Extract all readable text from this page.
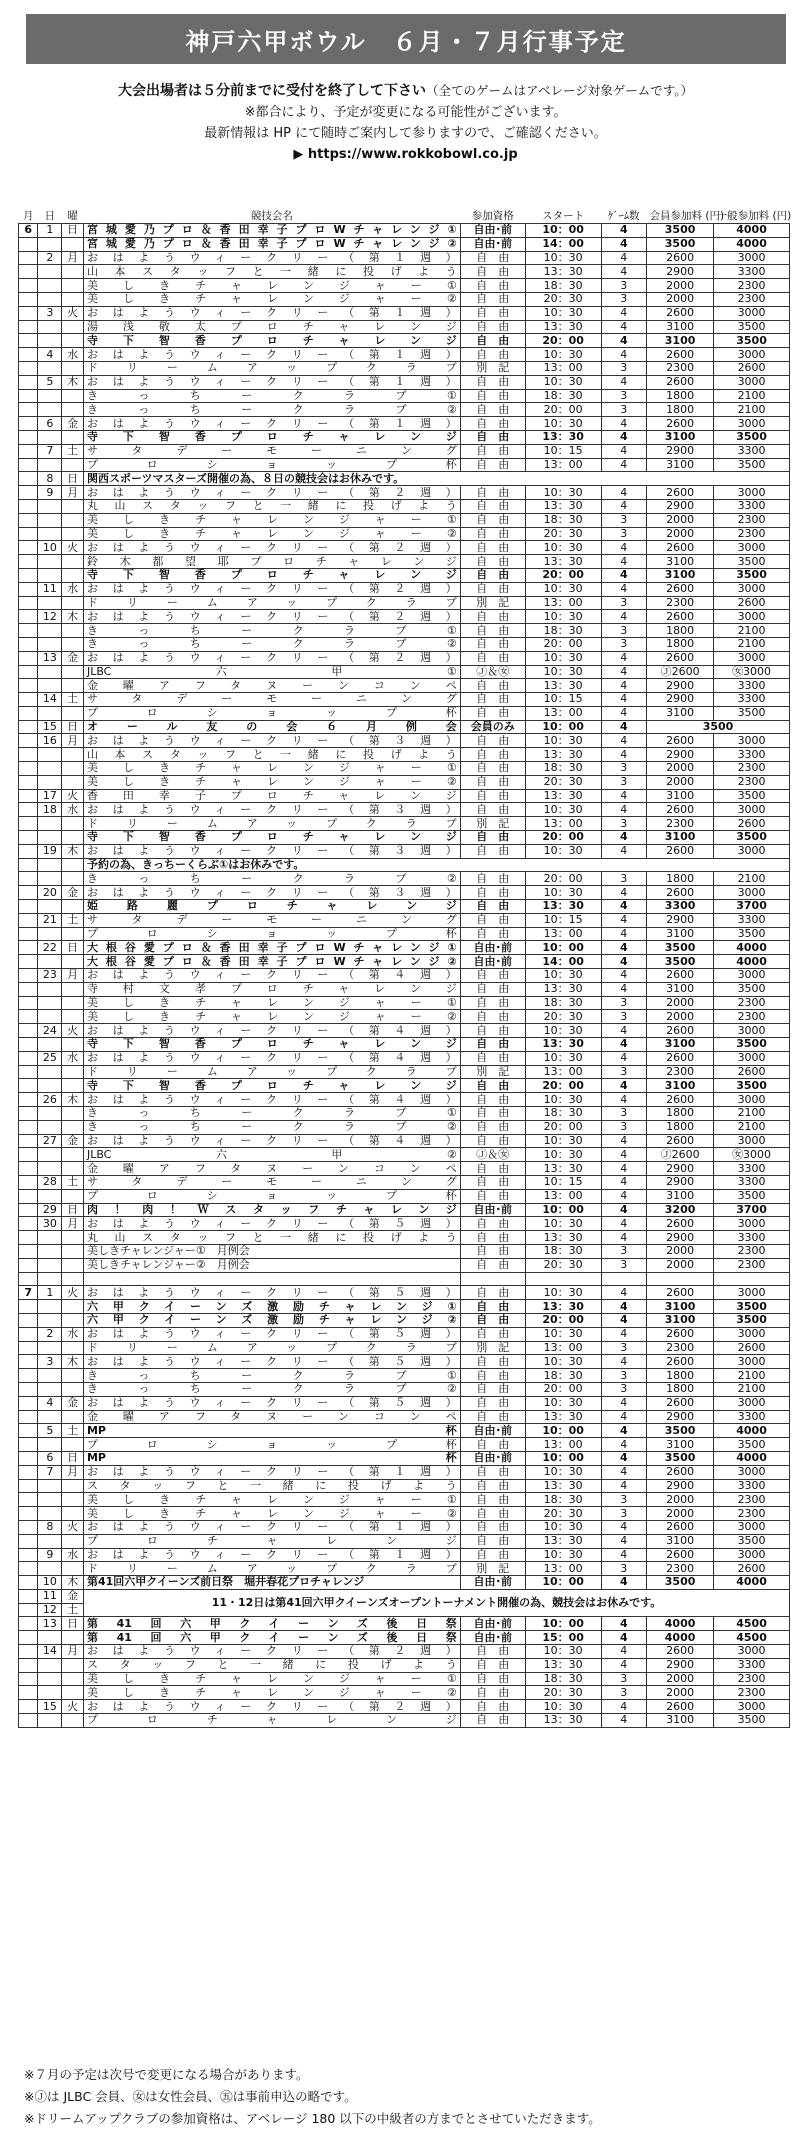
神戸六甲ボウル　６月・７月行事予定
大会出場者は５分前までに受付を終了して下さい（全てのゲームはアベレージ対象ゲームです。）
※都合により、予定が変更になる可能性がございます。
最新情報は HP にて随時ご案内して参りますので、ご確認ください。
▶ https://www.rokkobowl.co.jp
月	日	曜	競技会名	参加資格	スタート	ｹﾞｰﾑ数	会員参加料 (円)	一般参加料 (円)
6	1	日	宮城愛乃プロ＆香田幸子プロWチャレンジ①	自由･前	10：00	4	3500	4000
			宮城愛乃プロ＆香田幸子プロWチャレンジ②	自由･前	14：00	4	3500	4000
	2	月	おはようウィークリー（第１週）	自　由	10：30	4	2600	3000
			山本スタッフと一緒に投げよう	自　由	13：30	4	2900	3300
			美しきチャレンジャー①	自　由	18：30	3	2000	2300
			美しきチャレンジャー②	自　由	20：30	3	2000	2300
	3	火	おはようウィークリー（第１週）	自　由	10：30	4	2600	3000
			湯浅敬太プロチャレンジ	自　由	13：30	4	3100	3500
			寺下智香プロチャレンジ	自　由	20：00	4	3100	3500
	4	水	おはようウィークリー（第１週）	自　由	10：30	4	2600	3000
			ドリームアップクラブ	別　記	13：00	3	2300	2600
	5	木	おはようウィークリー（第１週）	自　由	10：30	4	2600	3000
			きっちークラブ①	自　由	18：30	3	1800	2100
			きっちークラブ②	自　由	20：00	3	1800	2100
	6	金	おはようウィークリー（第１週）	自　由	10：30	4	2600	3000
			寺下智香プロチャレンジ	自　由	13：30	4	3100	3500
	7	土	サタデーモーニング	自　由	10：15	4	2900	3300
			プロショップ杯	自　由	13：00	4	3100	3500
	8	日	関西スポーツマスターズ開催の為、８日の競技会はお休みです。					
	9	月	おはようウィークリー（第２週）	自　由	10：30	4	2600	3000
			丸山スタッフと一緒に投げよう	自　由	13：30	4	2900	3300
			美しきチャレンジャー①	自　由	18：30	3	2000	2300
			美しきチャレンジャー②	自　由	20：30	3	2000	2300
	10	火	おはようウィークリー（第２週）	自　由	10：30	4	2600	3000
			鈴木都望耶プロチャレンジ	自　由	13：30	4	3100	3500
			寺下智香プロチャレンジ	自　由	20：00	4	3100	3500
	11	水	おはようウィークリー（第２週）	自　由	10：30	4	2600	3000
			ドリームアップクラブ	別　記	13：00	3	2300	2600
	12	木	おはようウィークリー（第２週）	自　由	10：30	4	2600	3000
			きっちークラブ①	自　由	18：30	3	1800	2100
			きっちークラブ②	自　由	20：00	3	1800	2100
	13	金	おはようウィークリー（第２週）	自　由	10：30	4	2600	3000
			JLBC六甲①	Ⓙ＆㊛	10：30	4	Ⓙ2600	㊛3000
			金曜アフタヌーンコンペ	自　由	13：30	4	2900	3300
	14	土	サタデーモーニング	自　由	10：15	4	2900	3300
			プロショップ杯	自　由	13：00	4	3100	3500
	15	日	オール友の会６月例会	会員のみ	10：00	4	3500	
	16	月	おはようウィークリー（第３週）	自　由	10：30	4	2600	3000
			山本スタッフと一緒に投げよう	自　由	13：30	4	2900	3300
			美しきチャレンジャー①	自　由	18：30	3	2000	2300
			美しきチャレンジャー②	自　由	20：30	3	2000	2300
	17	火	香田幸子プロチャレンジ	自　由	13：30	4	3100	3500
	18	水	おはようウィークリー（第３週）	自　由	10：30	4	2600	3000
			ドリームアップクラブ	別　記	13：00	3	2300	2600
			寺下智香プロチャレンジ	自　由	20：00	4	3100	3500
	19	木	おはようウィークリー（第３週）	自　由	10：30	4	2600	3000
			予約の為、きっちーくらぶ①はお休みです。					
			きっちークラブ②	自　由	20：00	3	1800	2100
	20	金	おはようウィークリー（第３週）	自　由	10：30	4	2600	3000
			姫路麗プロチャレンジ	自　由	13：30	4	3300	3700
	21	土	サタデーモーニング	自　由	10：15	4	2900	3300
			プロショップ杯	自　由	13：00	4	3100	3500
	22	日	大根谷愛プロ＆香田幸子プロWチャレンジ①	自由･前	10：00	4	3500	4000
			大根谷愛プロ＆香田幸子プロWチャレンジ②	自由･前	14：00	4	3500	4000
	23	月	おはようウィークリー（第４週）	自　由	10：30	4	2600	3000
			寺村文孝プロチャレンジ	自　由	13：30	4	3100	3500
			美しきチャレンジャー①	自　由	18：30	3	2000	2300
			美しきチャレンジャー②	自　由	20：30	3	2000	2300
	24	火	おはようウィークリー（第４週）	自　由	10：30	4	2600	3000
			寺下智香プロチャレンジ	自　由	13：30	4	3100	3500
	25	水	おはようウィークリー（第４週）	自　由	10：30	4	2600	3000
			ドリームアップクラブ	別　記	13：00	3	2300	2600
			寺下智香プロチャレンジ	自　由	20：00	4	3100	3500
	26	木	おはようウィークリー（第４週）	自　由	10：30	4	2600	3000
			きっちークラブ①	自　由	18：30	3	1800	2100
			きっちークラブ②	自　由	20：00	3	1800	2100
	27	金	おはようウィークリー（第４週）	自　由	10：30	4	2600	3000
			JLBC六甲②	Ⓙ＆㊛	10：30	4	Ⓙ2600	㊛3000
			金曜アフタヌーンコンペ	自　由	13：30	4	2900	3300
	28	土	サタデーモーニング	自　由	10：15	4	2900	3300
			プロショップ杯	自　由	13：00	4	3100	3500
	29	日	肉！肉！Ｗスタッフチャレンジ	自由･前	10：00	4	3200	3700
	30	月	おはようウィークリー（第５週）	自　由	10：30	4	2600	3000
			丸山スタッフと一緒に投げよう	自　由	13：30	4	2900	3300
			美しきチャレンジャー①　月例会	自　由	18：30	3	2000	2300
			美しきチャレンジャー②　月例会	自　由	20：30	3	2000	2300

7	1	火	おはようウィークリー（第５週）	自　由	10：30	4	2600	3000
			六甲クイーンズ激励チャレンジ①	自　由	13：30	4	3100	3500
			六甲クイーンズ激励チャレンジ②	自　由	20：00	4	3100	3500
	2	水	おはようウィークリー（第５週）	自　由	10：30	4	2600	3000
			ドリームアップクラブ	別　記	13：00	3	2300	2600
	3	木	おはようウィークリー（第５週）	自　由	10：30	4	2600	3000
			きっちークラブ①	自　由	18：30	3	1800	2100
			きっちークラブ②	自　由	20：00	3	1800	2100
	4	金	おはようウィークリー（第５週）	自　由	10：30	4	2600	3000
			金曜アフタヌーンコンペ	自　由	13：30	4	2900	3300
	5	土	MP杯	自由･前	10：00	4	3500	4000
			プロショップ杯	自　由	13：00	4	3100	3500
	6	日	MP杯	自由･前	10：00	4	3500	4000
	7	月	おはようウィークリー（第１週）	自　由	10：30	4	2600	3000
			スタッフと一緒に投げよう	自　由	13：30	4	2900	3300
			美しきチャレンジャー①	自　由	18：30	3	2000	2300
			美しきチャレンジャー②	自　由	20：30	3	2000	2300
	8	火	おはようウィークリー（第１週）	自　由	10：30	4	2600	3000
			プロチャレンジ	自　由	13：30	4	3100	3500
	9	水	おはようウィークリー（第１週）	自　由	10：30	4	2600	3000
			ドリームアップクラブ	別　記	13：00	3	2300	2600
	10	木	第41回六甲クイーンズ前日祭　堀井春花プロチャレンジ	自由･前	10：00	4	3500	4000
	11	金	11・12日は第41回六甲クイーンズオープントーナメント開催の為、競技会はお休みです。					
	12	土						
	13	日	第41回六甲クイーンズ後日祭	自由･前	10：00	4	4000	4500
			第41回六甲クイーンズ後日祭	自由･前	15：00	4	4000	4500
	14	月	おはようウィークリー（第２週）	自　由	10：30	4	2600	3000
			スタッフと一緒に投げよう	自　由	13：30	4	2900	3300
			美しきチャレンジャー①	自　由	18：30	3	2000	2300
			美しきチャレンジャー②	自　由	20：30	3	2000	2300
	15	火	おはようウィークリー（第２週）	自　由	10：30	4	2600	3000
			プロチャレンジ	自　由	13：30	4	3100	3500
※７月の予定は次号で変更になる場合があります。
※Ⓙは JLBC 会員、㊛は女性会員、㊄は事前申込の略です。
※ドリームアップクラブの参加資格は、アベレージ 180 以下の中級者の方までとさせていただきます。
